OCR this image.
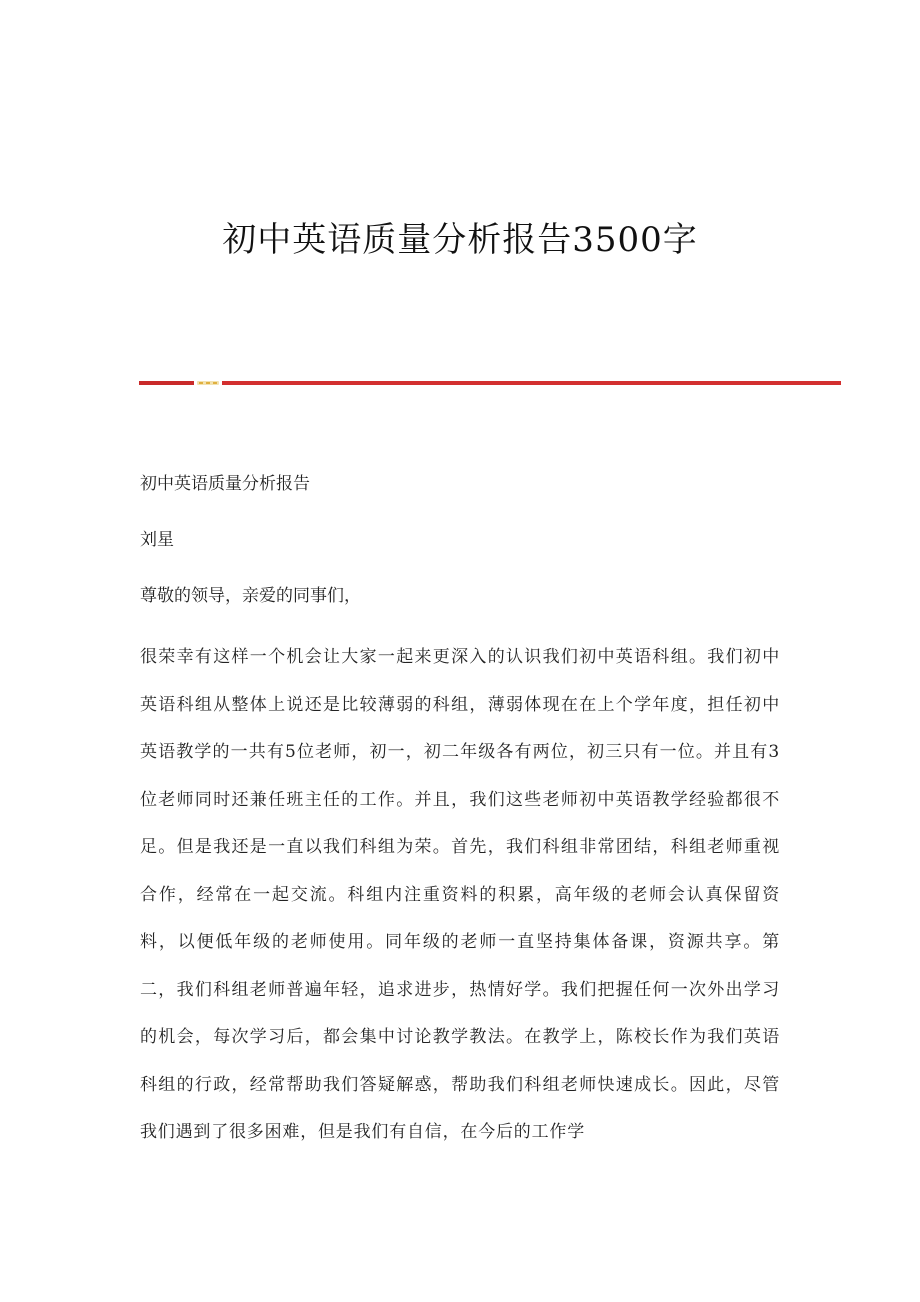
初中英语质量分析报告3500字

初中英语质量分析报告

刘星

尊敬的领导，亲爱的同事们，

很荣幸有这样一个机会让大家一起来更深入的认识我们初中英语科组。我们初中英语科组从整体上说还是比较薄弱的科组，薄弱体现在在上个学年度，担任初中英语教学的一共有5位老师，初一，初二年级各有两位，初三只有一位。并且有3位老师同时还兼任班主任的工作。并且，我们这些老师初中英语教学经验都很不足。但是我还是一直以我们科组为荣。首先，我们科组非常团结，科组老师重视合作，经常在一起交流。科组内注重资料的积累，高年级的老师会认真保留资料，以便低年级的老师使用。同年级的老师一直坚持集体备课，资源共享。第二，我们科组老师普遍年轻，追求进步，热情好学。我们把握任何一次外出学习的机会，每次学习后，都会集中讨论教学教法。在教学上，陈校长作为我们英语科组的行政，经常帮助我们答疑解惑，帮助我们科组老师快速成长。因此，尽管我们遇到了很多困难，但是我们有自信，在今后的工作学
